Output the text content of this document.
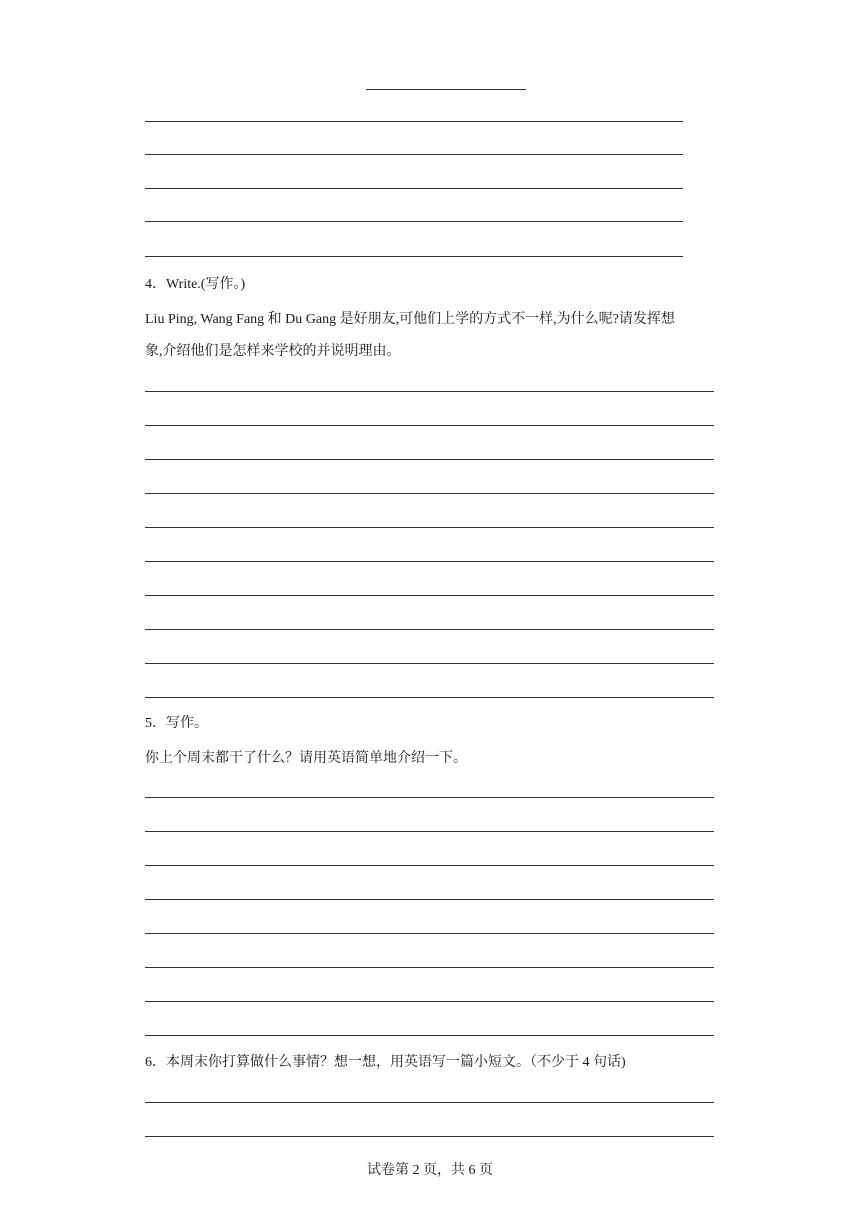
4．Write.(写作。)
Liu Ping, Wang Fang 和 Du Gang 是好朋友,可他们上学的方式不一样,为什么呢?请发挥想
象,介绍他们是怎样来学校的并说明理由。
5．写作。
你上个周末都干了什么？请用英语简单地介绍一下。
6．本周末你打算做什么事情？想一想，用英语写一篇小短文。（不少于 4 句话)
试卷第 2 页，共 6 页
